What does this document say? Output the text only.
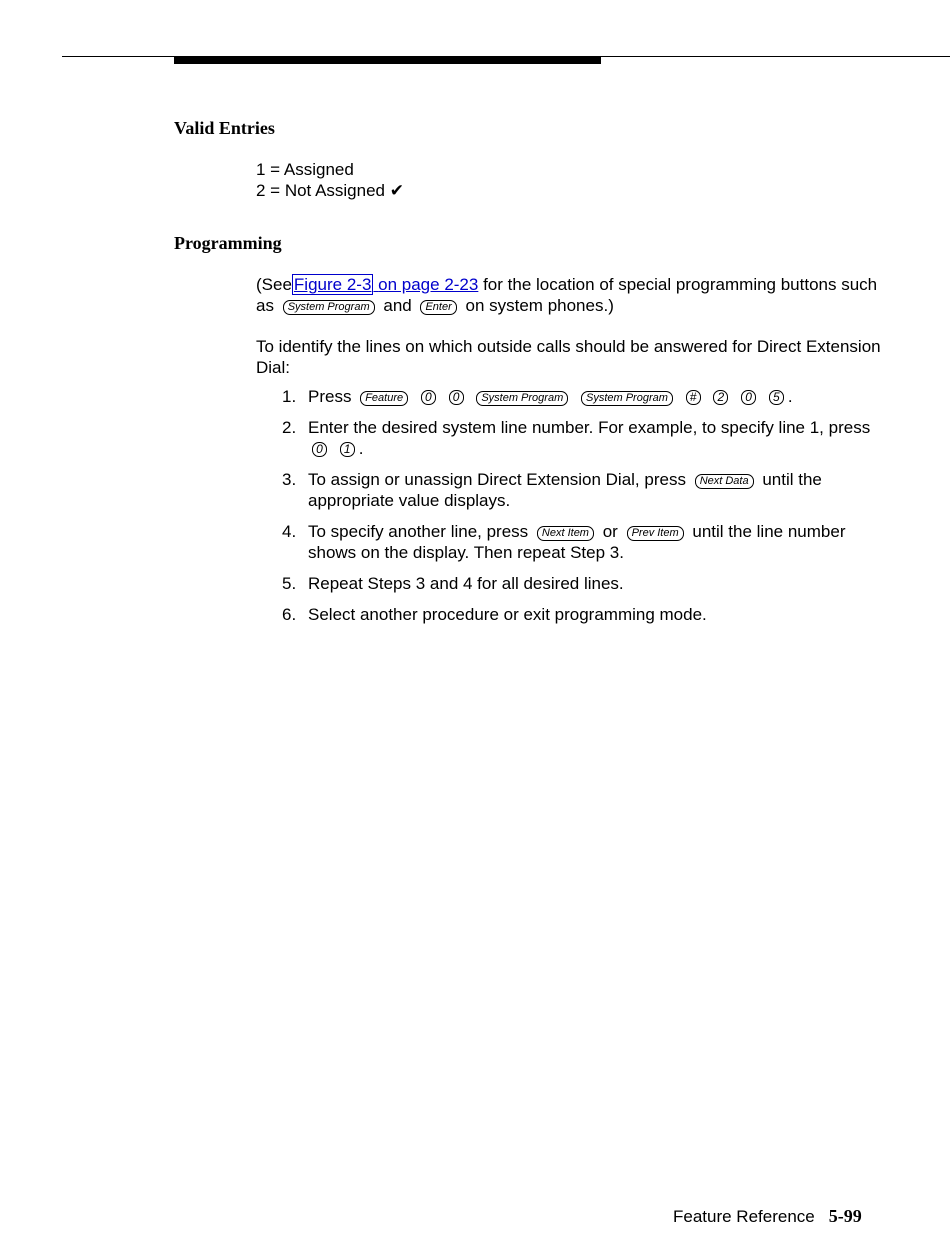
Valid Entries
1 = Assigned
2 = Not Assigned ✔
Programming
(See Figure 2-3 on page 2-23 for the location of special programming buttons such as System Program and Enter on system phones.)
To identify the lines on which outside calls should be answered for Direct Extension Dial:
1. Press Feature 0 0 System Program System Program # 2 0 5 .
2. Enter the desired system line number. For example, to specify line 1, press 0 1 .
3. To assign or unassign Direct Extension Dial, press Next Data until the appropriate value displays.
4. To specify another line, press Next Item or Prev Item until the line number shows on the display. Then repeat Step 3.
5. Repeat Steps 3 and 4 for all desired lines.
6. Select another procedure or exit programming mode.
Feature Reference 5-99
